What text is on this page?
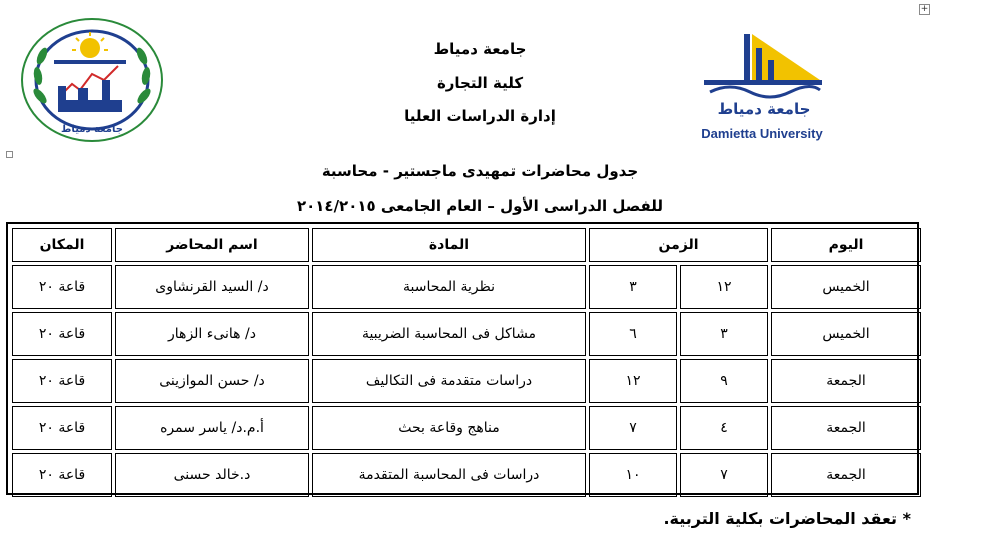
+
جامعة دمياط
جامعة دمياط
Damietta University
جامعة دمياط
كلية التجارة
إدارة الدراسات العليا
جدول محاضرات تمهيدى ماجستير - محاسبة
للفصل الدراسى الأول – العام الجامعى ٢٠١٤/٢٠١٥
اليوم	الزمن		المادة	اسم المحاضر	المكان
الخميس	١٢	٣	نظرية المحاسبة	د/ السيد القرنشاوى	قاعة ٢٠
الخميس	٣	٦	مشاكل فى المحاسبة الضريبية	د/ هانىء الزهار	قاعة ٢٠
الجمعة	٩	١٢	دراسات متقدمة فى التكاليف	د/ حسن الموازينى	قاعة ٢٠
الجمعة	٤	٧	مناهج وقاعة بحث	أ.م.د/ ياسر سمره	قاعة ٢٠
الجمعة	٧	١٠	دراسات فى المحاسبة المتقدمة	د.خالد حسنى	قاعة ٢٠
* تعقد المحاضرات بكلية التربية.
